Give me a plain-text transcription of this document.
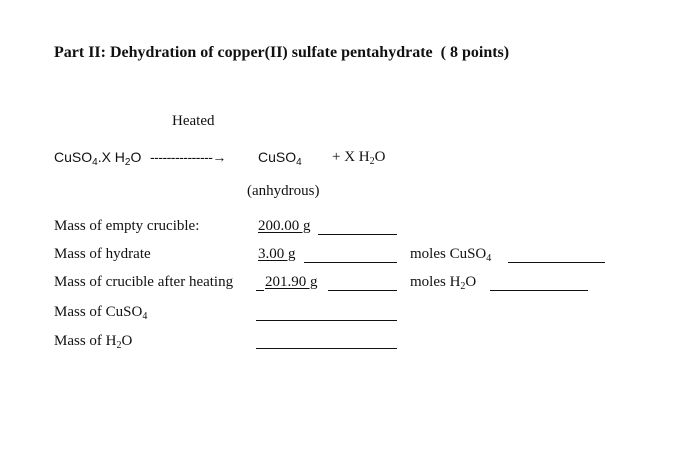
Part II: Dehydration of copper(II) sulfate pentahydrate ( 8 points)
Heated
CuSO$_4$.X $H_2O$ ---------------→ CuSO$_4$ + X $H_2O$
(anhydrous)
Mass of empty crucible:	200.00 g
Mass of hydrate	3.00 g	moles CuSO$_4$
Mass of crucible after heating 201.90 g	moles $H_2O$
Mass of CuSO$_4$
Mass of $H_2O$
